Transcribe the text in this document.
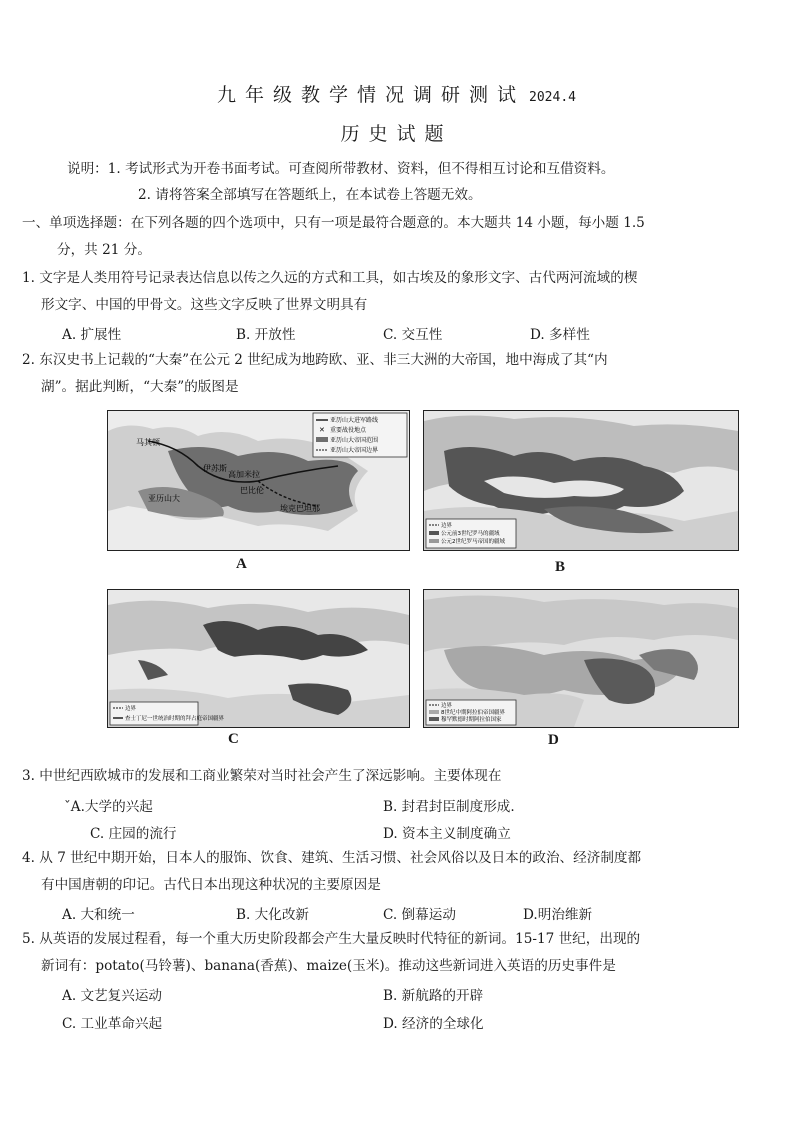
九年级教学情况调研测试 2024.4
历史试题
说明：1. 考试形式为开卷书面考试。可查阅所带教材、资料，但不得相互讨论和互借资料。
2. 请将答案全部填写在答题纸上，在本试卷上答题无效。
一、单项选择题：在下列各题的四个选项中，只有一项是最符合题意的。本大题共 14 小题，每小题 1.5
分，共 21 分。
1. 文字是人类用符号记录表达信息以传之久远的方式和工具，如古埃及的象形文字、古代两河流域的楔
形文字、中国的甲骨文。这些文字反映了世界文明具有
A. 扩展性	B. 开放性	C. 交互性	D. 多样性
2. 东汉史书上记载的“大秦”在公元 2 世纪成为地跨欧、亚、非三大洲的大帝国，地中海成了其“内
湖”。据此判断，“大秦”的版图是
亚历山大进军路线
✕ 重要战役地点
亚历山大帝国范围
亚历山大帝国边界
马其顿
伊苏斯
高加米拉
巴比伦
亚历山大
埃克巴坦那
A
边界
公元前3世纪罗马的疆域
公元2世纪罗马帝国的疆域
B
边界
查士丁尼一世统治时期的拜占庭帝国疆界
C
边界
8世纪中期阿拉伯帝国疆界
穆罕默德时期阿拉伯国家
D
3. 中世纪西欧城市的发展和工商业繁荣对当时社会产生了深远影响。主要体现在
ˇA.大学的兴起	B. 封君封臣制度形成.
C. 庄园的流行	D. 资本主义制度确立
4. 从 7 世纪中期开始，日本人的服饰、饮食、建筑、生活习惯、社会风俗以及日本的政治、经济制度都
有中国唐朝的印记。古代日本出现这种状况的主要原因是
A. 大和统一	B. 大化改新	C. 倒幕运动	D.明治维新
5. 从英语的发展过程看，每一个重大历史阶段都会产生大量反映时代特征的新词。15-17 世纪，出现的
新词有：potato(马铃薯)、banana(香蕉)、maize(玉米)。推动这些新词进入英语的历史事件是
A. 文艺复兴运动	B. 新航路的开辟
C. 工业革命兴起	D. 经济的全球化
